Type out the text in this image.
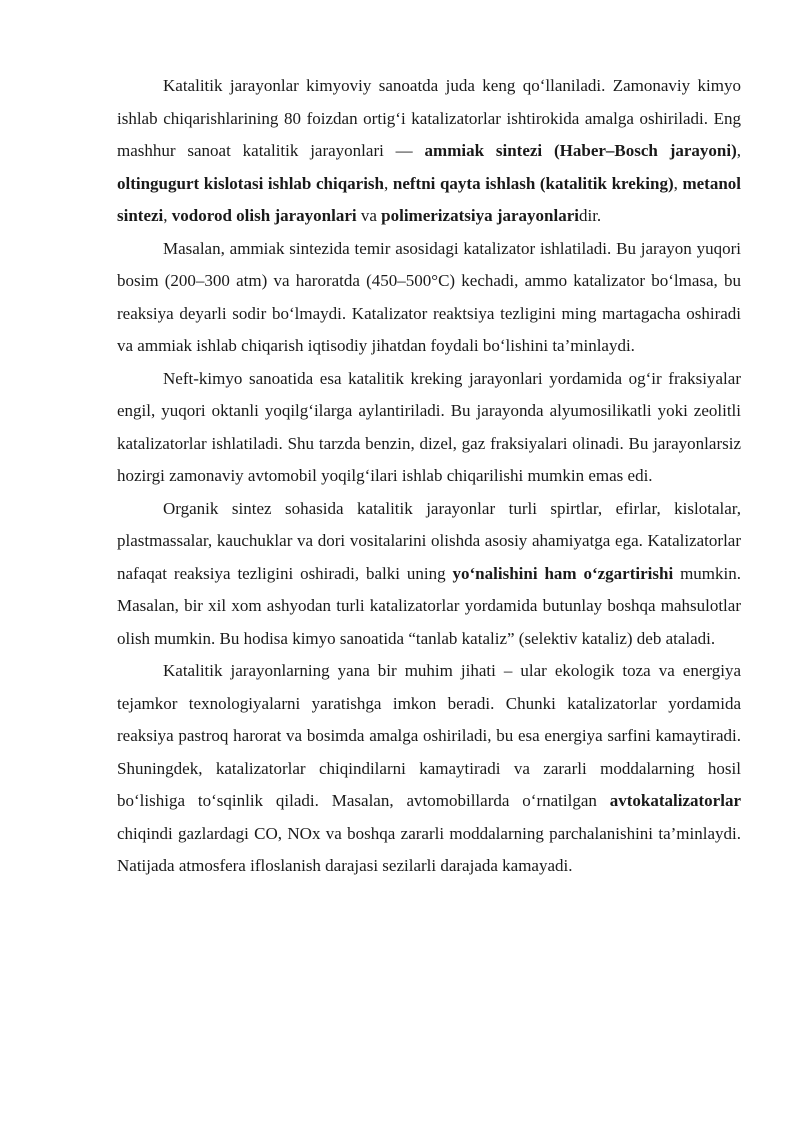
Katalitik jarayonlar kimyoviy sanoatda juda keng qo‘llaniladi. Zamonaviy kimyo ishlab chiqarishlarining 80 foizdan ortig‘i katalizatorlar ishtirokida amalga oshiriladi. Eng mashhur sanoat katalitik jarayonlari — ammiak sintezi (Haber–Bosch jarayoni), oltingugurt kislotasi ishlab chiqarish, neftni qayta ishlash (katalitik kreking), metanol sintezi, vodorod olish jarayonlari va polimerizatsiya jarayonlaridir.

Masalan, ammiak sintezida temir asosidagi katalizator ishlatiladi. Bu jarayon yuqori bosim (200–300 atm) va haroratda (450–500°C) kechadi, ammo katalizator bo‘lmasa, bu reaksiya deyarli sodir bo‘lmaydi. Katalizator reaktsiya tezligini ming martagacha oshiradi va ammiak ishlab chiqarish iqtisodiy jihatdan foydali bo‘lishini ta’minlaydi.

Neft-kimyo sanoatida esa katalitik kreking jarayonlari yordamida og‘ir fraksiyalar engil, yuqori oktanli yoqilg‘ilarga aylantiriladi. Bu jarayonda alyumosilikatli yoki zeolitli katalizatorlar ishlatiladi. Shu tarzda benzin, dizel, gaz fraksiyalari olinadi. Bu jarayonlarsiz hozirgi zamonaviy avtomobil yoqilg‘ilari ishlab chiqarilishi mumkin emas edi.

Organik sintez sohasida katalitik jarayonlar turli spirtlar, efirlar, kislotalar, plastmassalar, kauchuklar va dori vositalarini olishda asosiy ahamiyatga ega. Katalizatorlar nafaqat reaksiya tezligini oshiradi, balki uning yo‘nalishini ham o‘zgartirishi mumkin. Masalan, bir xil xom ashyodan turli katalizatorlar yordamida butunlay boshqa mahsulotlar olish mumkin. Bu hodisa kimyo sanoatida “tanlab kataliz” (selektiv kataliz) deb ataladi.

Katalitik jarayonlarning yana bir muhim jihati – ular ekologik toza va energiya tejamkor texnologiyalarni yaratishga imkon beradi. Chunki katalizatorlar yordamida reaksiya pastroq harorat va bosimda amalga oshiriladi, bu esa energiya sarfini kamaytiradi. Shuningdek, katalizatorlar chiqindilarni kamaytiradi va zararli moddalarning hosil bo‘lishiga to‘sqinlik qiladi. Masalan, avtomobillarda o‘rnatilgan avtokatalizatorlar chiqindi gazlardagi CO, NOx va boshqa zararli moddalarning parchalanishini ta’minlaydi. Natijada atmosfera ifloslanish darajasi sezilarli darajada kamayadi.
